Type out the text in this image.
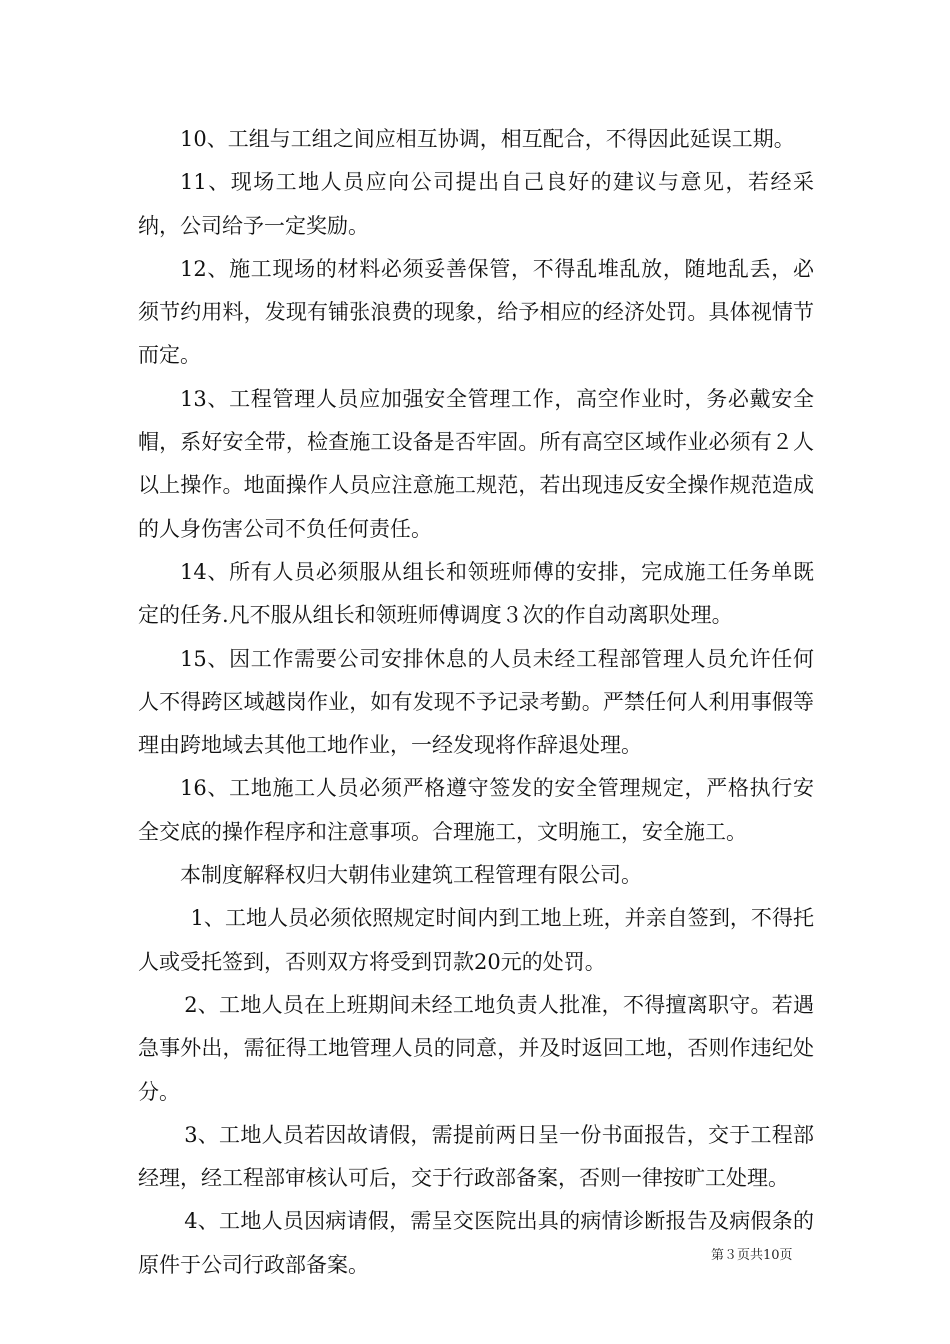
10、工组与工组之间应相互协调，相互配合，不得因此延误工期。

11、现场工地人员应向公司提出自己良好的建议与意见，若经采纳，公司给予一定奖励。

12、施工现场的材料必须妥善保管，不得乱堆乱放，随地乱丢，必须节约用料，发现有铺张浪费的现象，给予相应的经济处罚。具体视情节而定。

13、工程管理人员应加强安全管理工作，高空作业时，务必戴安全帽，系好安全带，检查施工设备是否牢固。所有高空区域作业必须有２人以上操作。地面操作人员应注意施工规范，若出现违反安全操作规范造成的人身伤害公司不负任何责任。

14、所有人员必须服从组长和领班师傅的安排，完成施工任务单既定的任务.凡不服从组长和领班师傅调度３次的作自动离职处理。

15、因工作需要公司安排休息的人员未经工程部管理人员允许任何人不得跨区域越岗作业，如有发现不予记录考勤。严禁任何人利用事假等理由跨地域去其他工地作业，一经发现将作辞退处理。

16、工地施工人员必须严格遵守签发的安全管理规定，严格执行安全交底的操作程序和注意事项。合理施工，文明施工，安全施工。

本制度解释权归大朝伟业建筑工程管理有限公司。

1、工地人员必须依照规定时间内到工地上班，并亲自签到，不得托人或受托签到，否则双方将受到罚款20元的处罚。

2、工地人员在上班期间未经工地负责人批准，不得擅离职守。若遇急事外出，需征得工地管理人员的同意，并及时返回工地，否则作违纪处分。

3、工地人员若因故请假，需提前两日呈一份书面报告，交于工程部经理，经工程部审核认可后，交于行政部备案，否则一律按旷工处理。

4、工地人员因病请假，需呈交医院出具的病情诊断报告及病假条的原件于公司行政部备案。	第３页共10页
